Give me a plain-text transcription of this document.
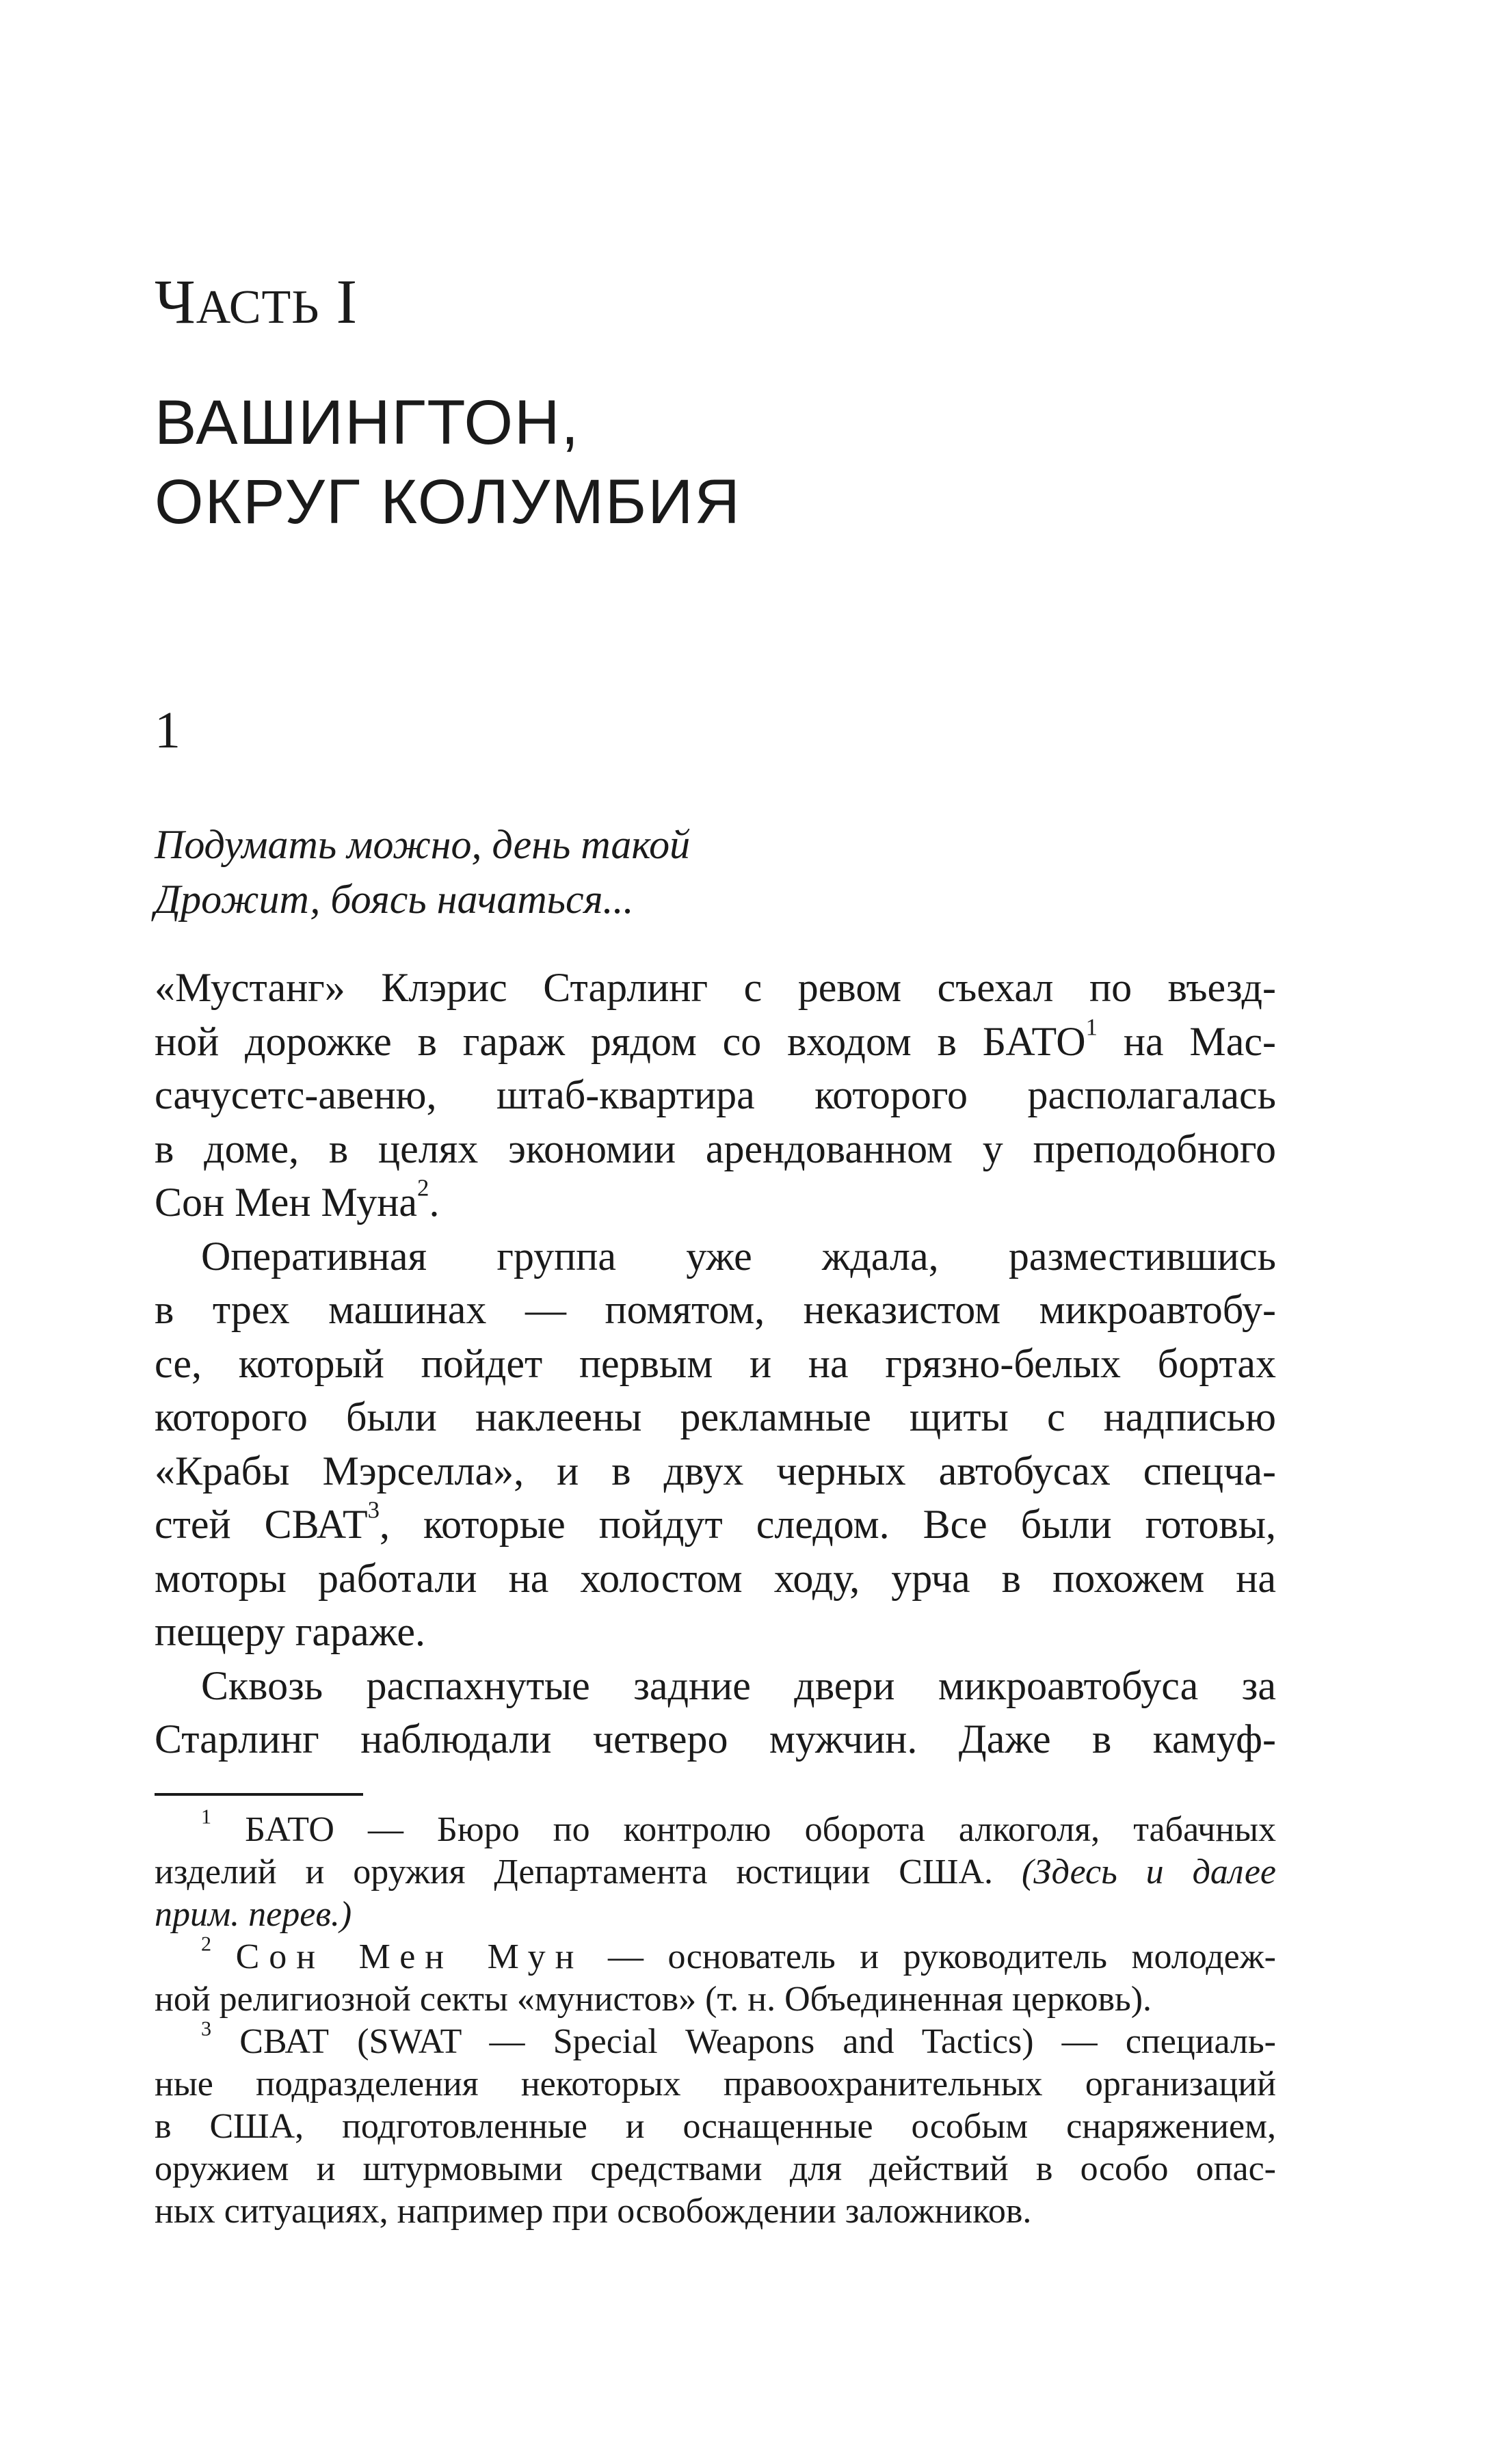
ЧАСТЬ I
ВАШИНГТОН,
ОКРУГ КОЛУМБИЯ
1
Подумать можно, день такой
Дрожит, боясь начаться...
«Мустанг» Клэрис Старлинг с ревом съехал по въезд-
ной дорожке в гараж рядом со входом в БАТО$^1$ на Мас-
сачусетс-авеню, штаб-квартира которого располагалась
в доме, в целях экономии арендованном у преподобного
Сон Мен Муна$^2$.
Оперативная группа уже ждала, разместившись
в трех машинах — помятом, неказистом микроавтобу-
се, который пойдет первым и на грязно-белых бортах
которого были наклеены рекламные щиты с надписью
«Крабы Мэрселла», и в двух черных автобусах спецча-
стей СВАТ$^3$, которые пойдут следом. Все были готовы,
моторы работали на холостом ходу, урча в похожем на
пещеру гараже.
Сквозь распахнутые задние двери микроавтобуса за
Старлинг наблюдали четверо мужчин. Даже в камуф-
$^1$ БАТО — Бюро по контролю оборота алкоголя, табачных
изделий и оружия Департамента юстиции США. (Здесь и далее
прим. перев.)
$^2$ Сон Мен Мун — основатель и руководитель молодеж-
ной религиозной секты «мунистов» (т. н. Объединенная церковь).
$^3$ СВАТ (SWAT — Special Weapons and Tactics) — специаль-
ные подразделения некоторых правоохранительных организаций
в США, подготовленные и оснащенные особым снаряжением,
оружием и штурмовыми средствами для действий в особо опас-
ных ситуациях, например при освобождении заложников.
